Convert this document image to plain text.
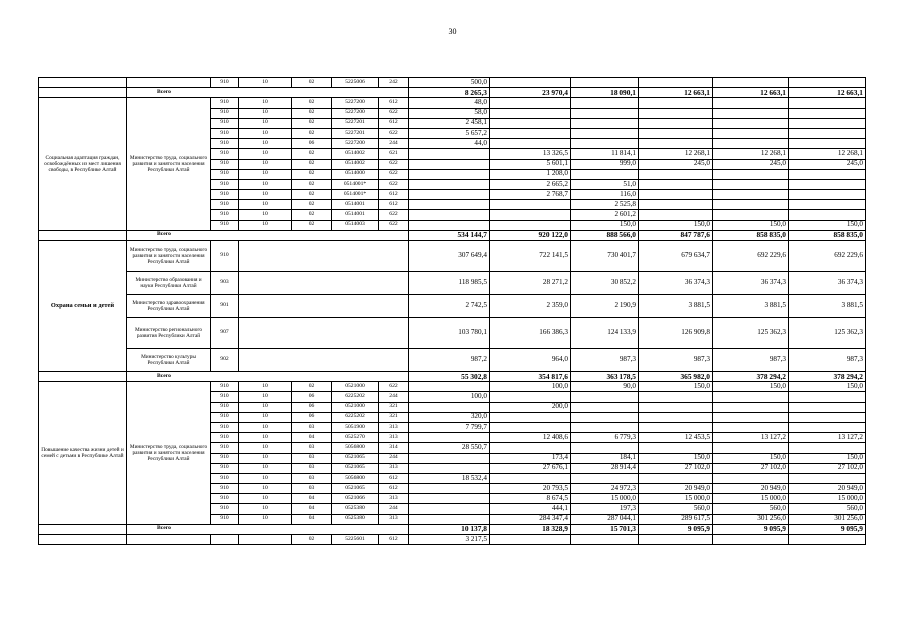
30
		910	10	02	5225006	242	500,0					
	Всего						8 265,3	23 970,4	18 090,1	12 663,1	12 663,1	12 663,1
Социальная адаптация граждан, освобождённых из мест лишения свободы, в Республике Алтай	Министерство труда, социального развития и занятости населения Республики Алтай	910	10	02	5227200	612	48,0					
		910	10	02	5227200	622	58,0					
		910	10	02	5227201	612	2 458,1					
		910	10	02	5227201	622	5 657,2					
		910	10	06	5227200	244	44,0					
		910	10	02	0514002	621		13 326,5	11 814,1	12 268,1	12 268,1	12 268,1
		910	10	02	0514002	622		5 601,1	999,0	245,0	245,0	245,0
		910	10	02	0514000	622		1 208,0				
		910	10	02	0514001*	622		2 665,2	51,0			
		910	10	02	0514001*	612		2 768,7	116,0			
		910	10	02	0514001	612			2 525,8			
		910	10	02	0514001	622			2 601,2			
		910	10	02	0514003	622			150,0	150,0	150,0	150,0
	Всего						534 144,7	920 122,0	888 566,0	847 787,6	858 835,0	858 835,0
Охрана семьи и детей	Министерство труда, социального развития и занятости населения Республики Алтай	910					307 649,4	722 141,5	730 401,7	679 634,7	692 229,6	692 229,6
	Министерство образования и науки Республики Алтай	903					118 985,5	28 271,2	30 852,2	36 374,3	36 374,3	36 374,3
	Министерство здравоохранения Республики Алтай	901					2 742,5	2 359,0	2 190,9	3 881,5	3 881,5	3 881,5
	Министерство регионального развития Республики Алтай	907					103 780,1	166 386,3	124 133,9	126 909,8	125 362,3	125 362,3
	Министерство культуры Республики Алтай	902					987,2	964,0	987,3	987,3	987,3	987,3
	Всего						55 302,8	354 817,6	363 178,5	365 982,0	378 294,2	378 294,2
Повышение качества жизни детей и семей с детьми в Республике Алтай	Министерство труда, социального развития и занятости населения Республики Алтай	910	10	02	0521000	622		100,0	90,0	150,0	150,0	150,0
		910	10	06	6225202	244	100,0					
		910	10	06	0521000	321		200,0				
		910	10	06	6225202	321	320,0					
		910	10	03	5051900	313	7 799,7					
		910	10	04	0525270	313		12 408,6	6 779,3	12 453,5	13 127,2	13 127,2
		910	10	03	5056800	314	28 550,7					
		910	10	03	0521065	244		173,4	184,1	150,0	150,0	150,0
		910	10	03	0521065	313		27 676,1	28 914,4	27 102,0	27 102,0	27 102,0
		910	10	03	5056800	612	18 532,4					
		910	10	03	0521065	612		20 793,5	24 972,3	20 949,0	20 949,0	20 949,0
		910	10	04	0521066	313		8 674,5	15 000,0	15 000,0	15 000,0	15 000,0
		910	10	04	0525380	244		444,1	197,3	560,0	560,0	560,0
		910	10	04	0525380	313		284 347,4	287 044,1	289 617,5	301 256,0	301 256,0
	Всего						10 137,8	18 328,9	15 701,3	9 095,9	9 095,9	9 095,9
				02	5225601	612	3 217,5					
